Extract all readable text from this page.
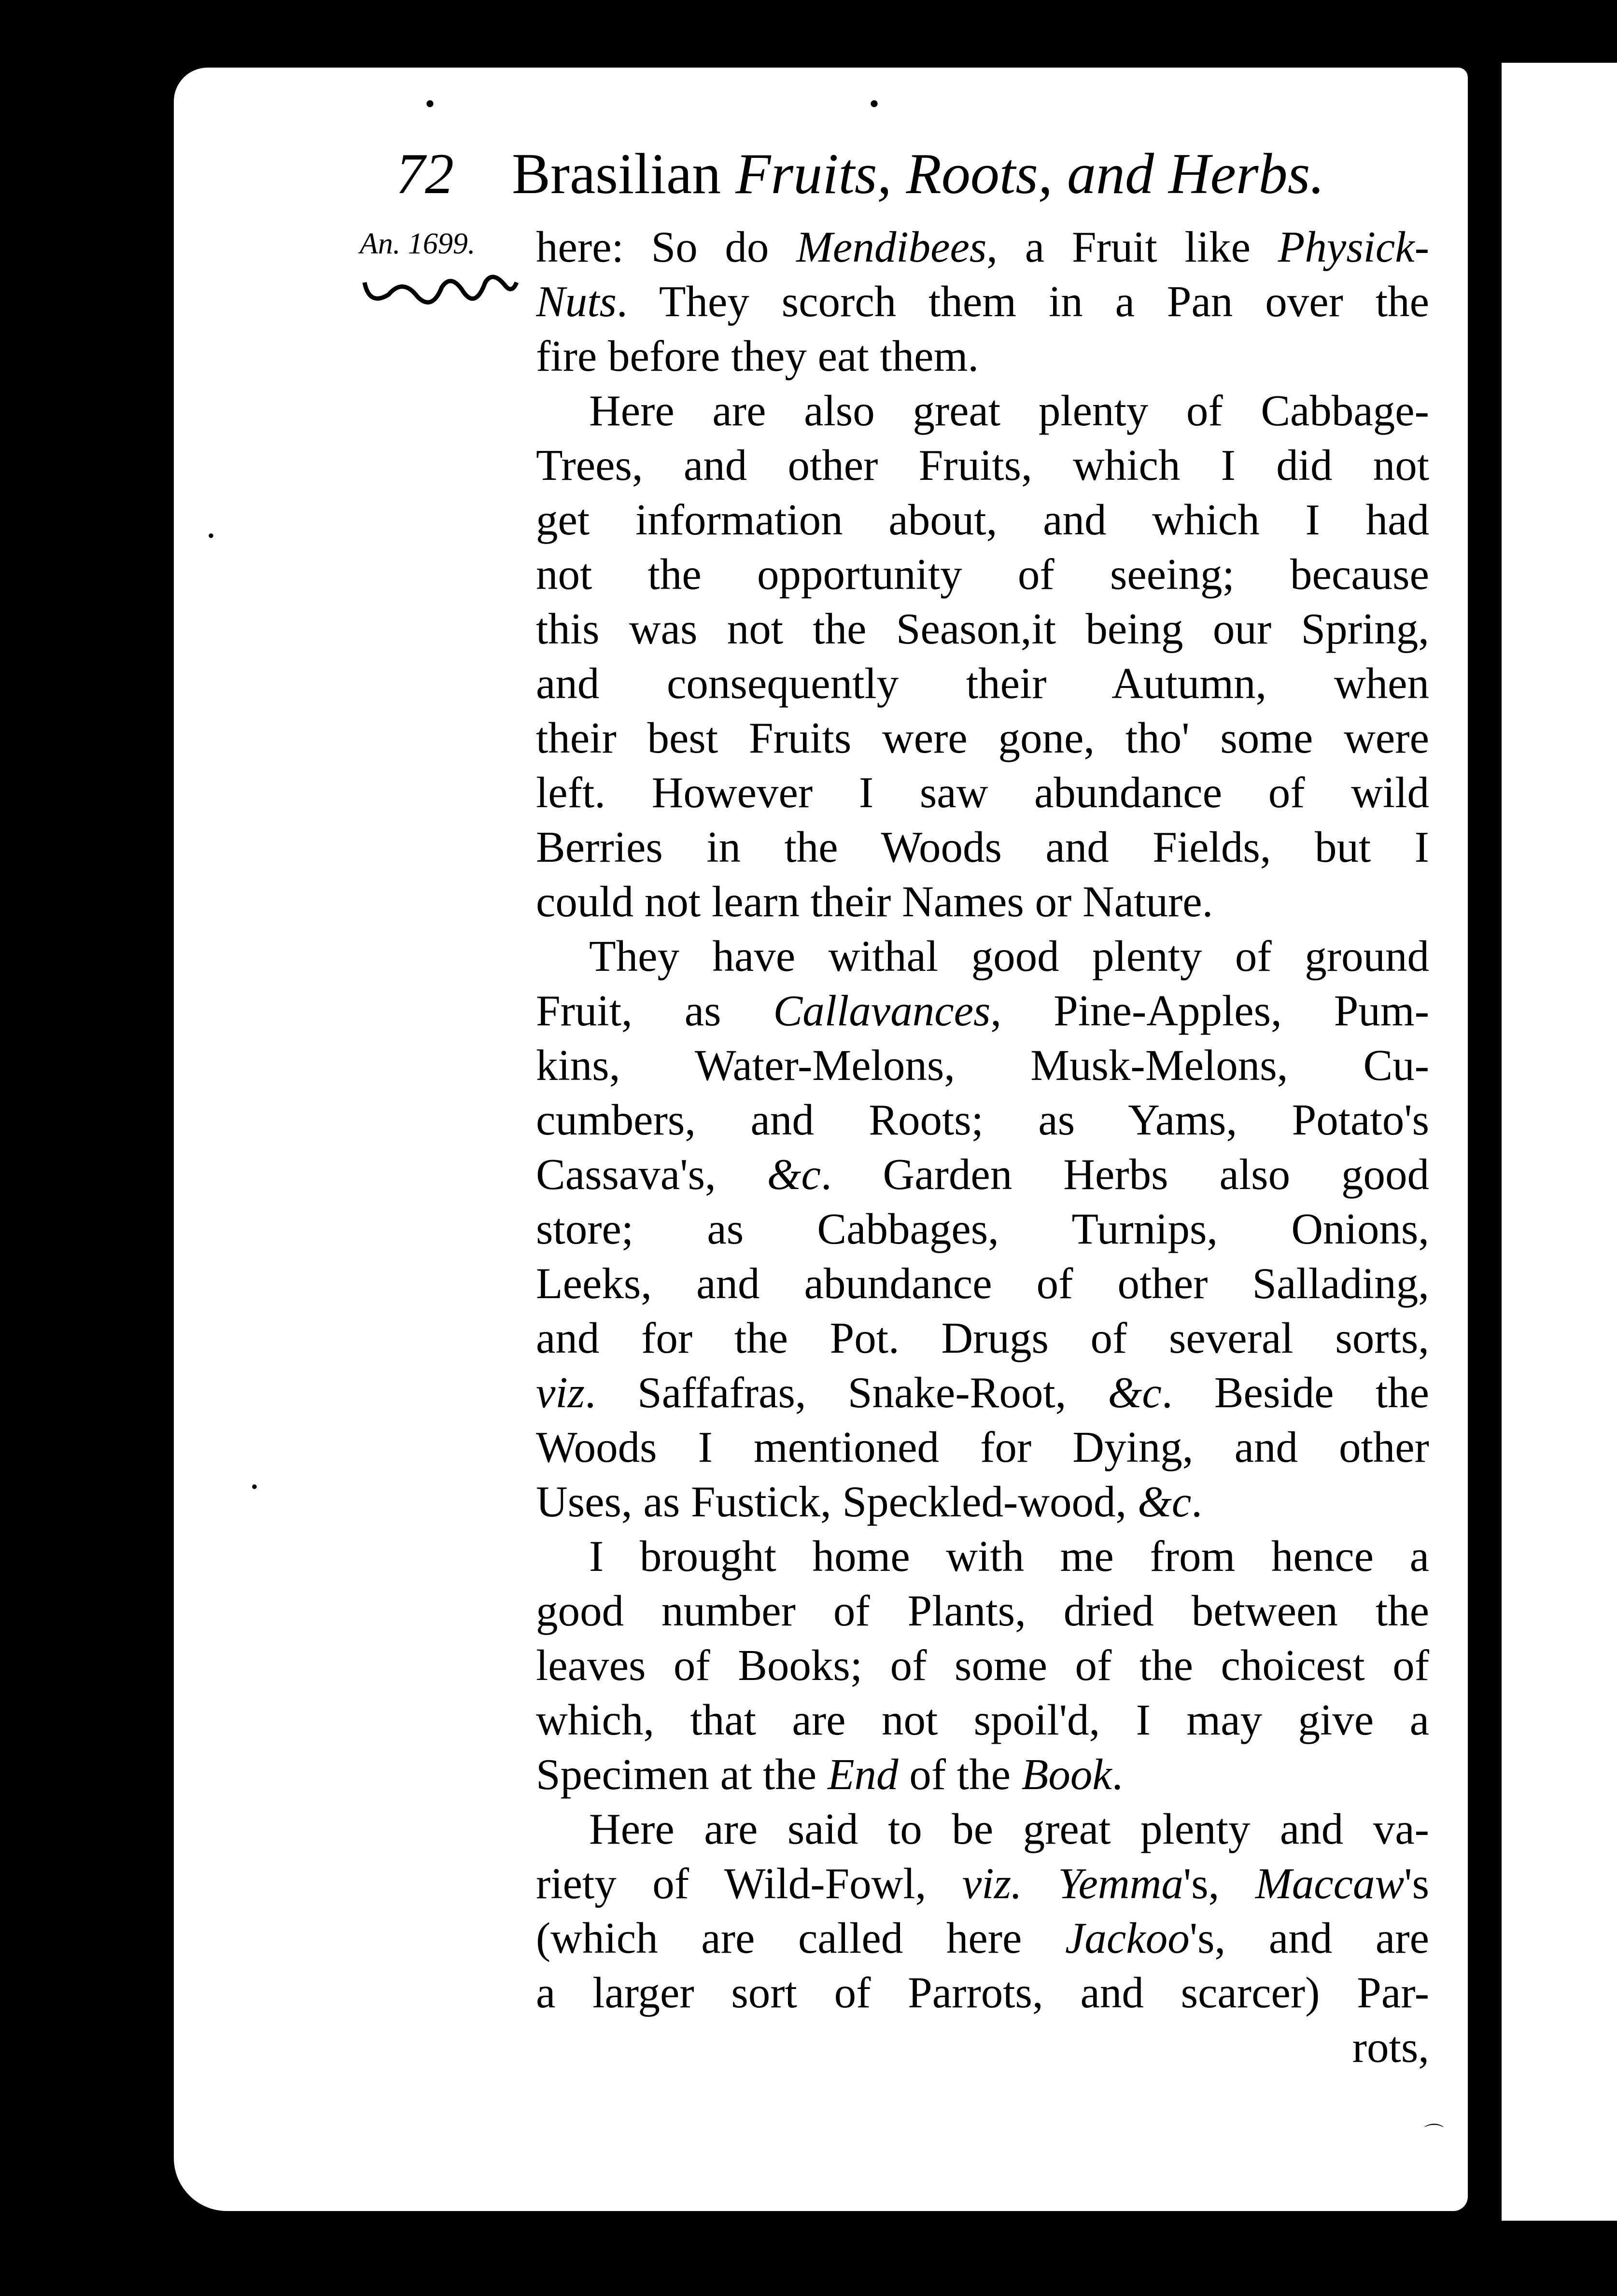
•	•
•
•
⌒
72 Brasilian Fruits, Roots, and Herbs.
An. 1699. here: So do Mendibees, a Fruit like Physick-
Nuts. They scorch them in a Pan over the
fire before they eat them.
Here are also great plenty of Cabbage-
Trees, and other Fruits, which I did not
get information about, and which I had
not the opportunity of seeing; because
this was not the Season,it being our Spring,
and consequently their Autumn, when
their best Fruits were gone, tho' some were
left. However I saw abundance of wild
Berries in the Woods and Fields, but I
could not learn their Names or Nature.
They have withal good plenty of ground
Fruit, as Callavances, Pine-Apples, Pum-
kins, Water-Melons, Musk-Melons, Cu-
cumbers, and Roots; as Yams, Potato's
Cassava's, &c. Garden Herbs also good
store; as Cabbages, Turnips, Onions,
Leeks, and abundance of other Sallading,
and for the Pot. Drugs of several sorts,
viz. Saffafras, Snake-Root, &c. Beside the
Woods I mentioned for Dying, and other
Uses, as Fustick, Speckled-wood, &c.
I brought home with me from hence a
good number of Plants, dried between the
leaves of Books; of some of the choicest of
which, that are not spoil'd, I may give a
Specimen at the End of the Book.
Here are said to be great plenty and va-
riety of Wild-Fowl, viz. Yemma's, Maccaw's
(which are called here Jackoo's, and are
a larger sort of Parrots, and scarcer) Par-
rots,
